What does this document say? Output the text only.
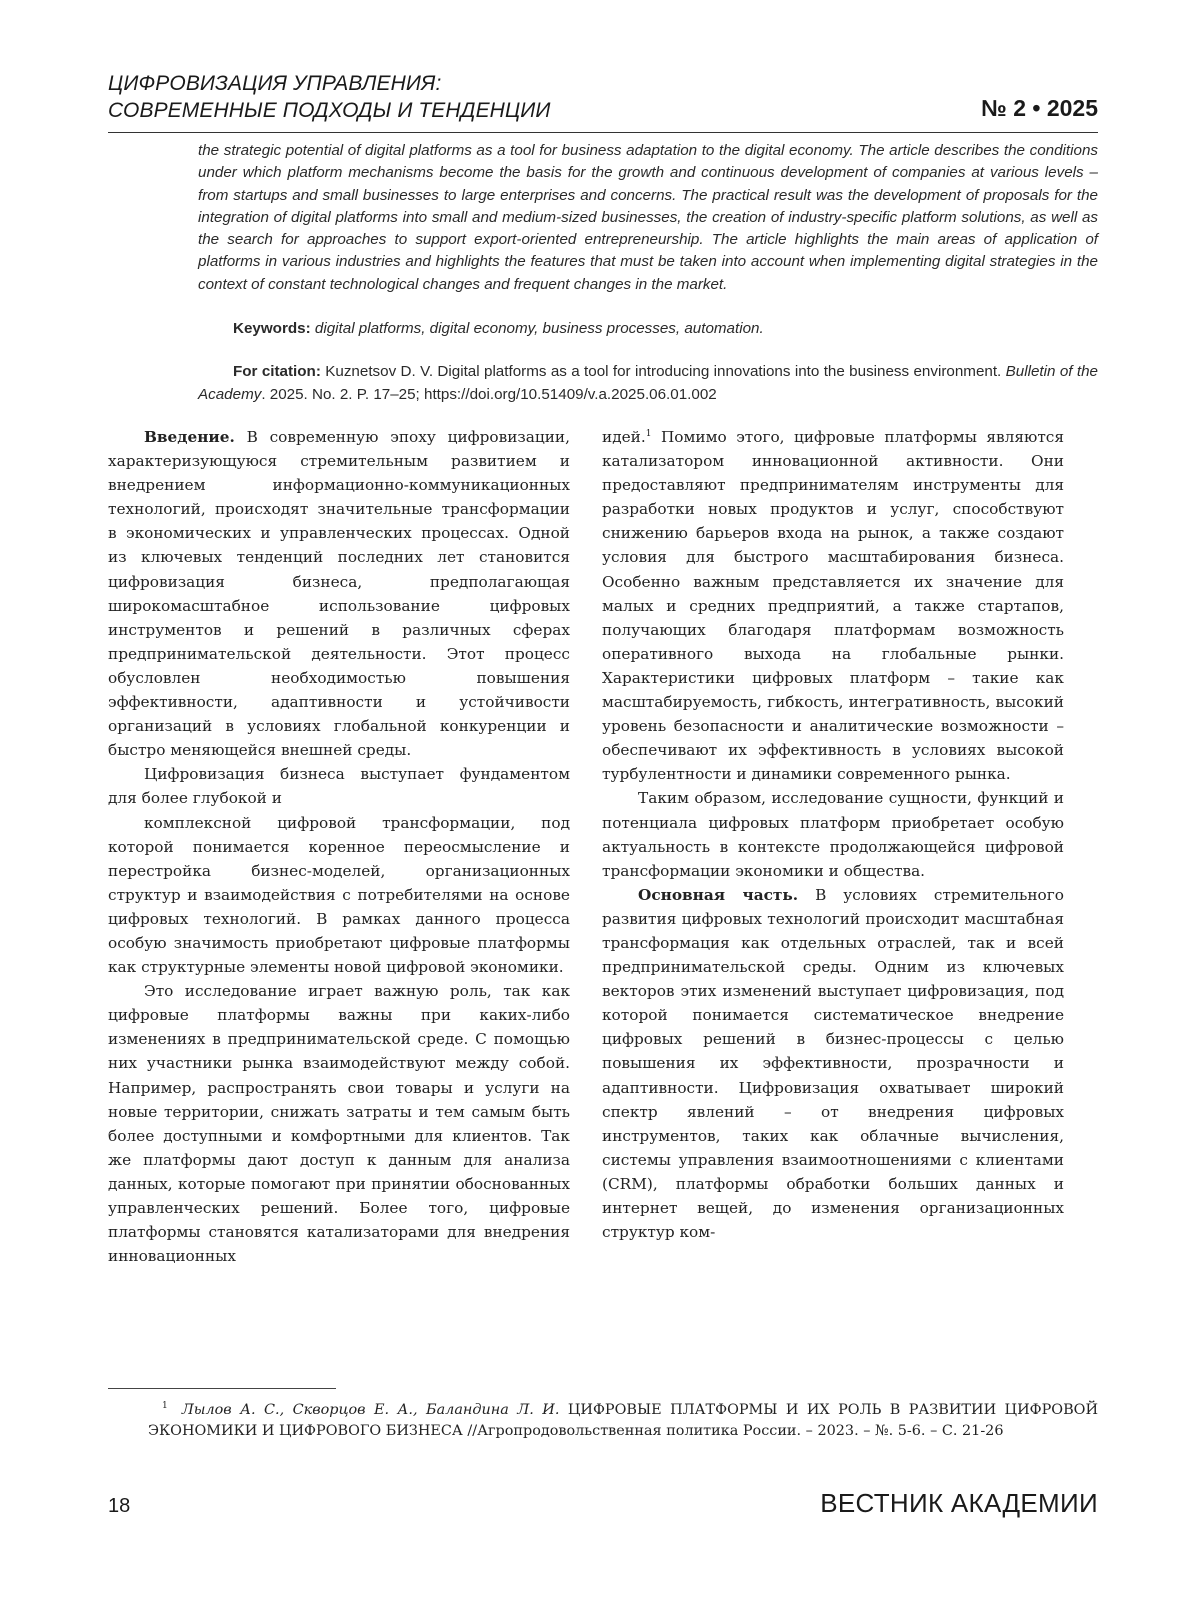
ЦИФРОВИЗАЦИЯ УПРАВЛЕНИЯ:
СОВРЕМЕННЫЕ ПОДХОДЫ И ТЕНДЕНЦИИ	№ 2 • 2025
the strategic potential of digital platforms as a tool for business adaptation to the digital economy. The article describes the conditions under which platform mechanisms become the basis for the growth and continuous development of companies at various levels – from startups and small businesses to large enterprises and concerns. The practical result was the development of proposals for the integration of digital platforms into small and medium-sized businesses, the creation of industry-specific platform solutions, as well as the search for approaches to support export-oriented entrepreneurship. The article highlights the main areas of application of platforms in various industries and highlights the features that must be taken into account when implementing digital strategies in the context of constant technological changes and frequent changes in the market.
Keywords: digital platforms, digital economy, business processes, automation.
For citation: Kuznetsov D. V. Digital platforms as a tool for introducing innovations into the business environment. Bulletin of the Academy. 2025. No. 2. P. 17–25; https://doi.org/10.51409/v.a.2025.06.01.002

Введение. В современную эпоху цифровизации, характеризующуюся стремительным развитием и внедрением информационно-коммуникационных технологий, происходят значительные трансформации в экономических и управленческих процессах. Одной из ключевых тенденций последних лет становится цифровизация бизнеса, предполагающая широкомасштабное использование цифровых инструментов и решений в различных сферах предпринимательской деятельности. Этот процесс обусловлен необходимостью повышения эффективности, адаптивности и устойчивости организаций в условиях глобальной конкуренции и быстро меняющейся внешней среды.

Цифровизация бизнеса выступает фундаментом для более глубокой и

комплексной цифровой трансформации, под которой понимается коренное переосмысление и перестройка бизнес-моделей, организационных структур и взаимодействия с потребителями на основе цифровых технологий. В рамках данного процесса особую значимость приобретают цифровые платформы как структурные элементы новой цифровой экономики.

Это исследование играет важную роль, так как цифровые платформы важны при каких-либо изменениях в предпринимательской среде. С помощью них участники рынка взаимодействуют между собой. Например, распространять свои товары и услуги на новые территории, снижать затраты и тем самым быть более доступными и комфортными для клиентов. Так же платформы дают доступ к данным для анализа данных, которые помогают при принятии обоснованных управленческих решений. Более того, цифровые платформы становятся катализаторами для внедрения инновационных

идей.$^1$ Помимо этого, цифровые платформы являются катализатором инновационной активности. Они предоставляют предпринимателям инструменты для разработки новых продуктов и услуг, способствуют снижению барьеров входа на рынок, а также создают условия для быстрого масштабирования бизнеса. Особенно важным представляется их значение для малых и средних предприятий, а также стартапов, получающих благодаря платформам возможность оперативного выхода на глобальные рынки. Характеристики цифровых платформ – такие как масштабируемость, гибкость, интегративность, высокий уровень безопасности и аналитические возможности – обеспечивают их эффективность в условиях высокой турбулентности и динамики современного рынка.

Таким образом, исследование сущности, функций и потенциала цифровых платформ приобретает особую актуальность в контексте продолжающейся цифровой трансформации экономики и общества.

Основная часть. В условиях стремительного развития цифровых технологий происходит масштабная трансформация как отдельных отраслей, так и всей предпринимательской среды. Одним из ключевых векторов этих изменений выступает цифровизация, под которой понимается систематическое внедрение цифровых решений в бизнес-процессы с целью повышения их эффективности, прозрачности и адаптивности. Цифровизация охватывает широкий спектр явлений – от внедрения цифровых инструментов, таких как облачные вычисления, системы управления взаимоотношениями с клиентами (CRM), платформы обработки больших данных и интернет вещей, до изменения организационных структур ком-

$^1$ Лылов А. С., Скворцов Е. А., Баландина Л. И. ЦИФРОВЫЕ ПЛАТФОРМЫ И ИХ РОЛЬ В РАЗВИТИИ ЦИФРОВОЙ ЭКОНОМИКИ И ЦИФРОВОГО БИЗНЕСА //Агропродовольственная политика России. – 2023. – №. 5-6. – С. 21-26
18	ВЕСТНИК АКАДЕМИИ
